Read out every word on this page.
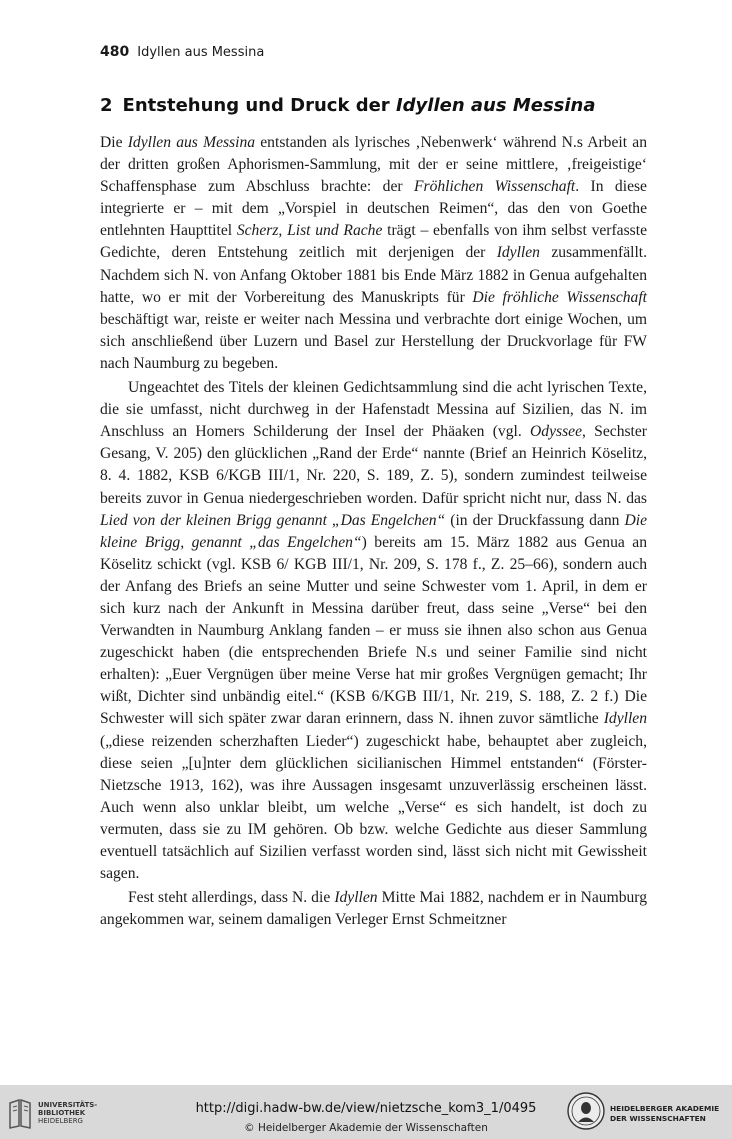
480 Idyllen aus Messina
2 Entstehung und Druck der Idyllen aus Messina

Die Idyllen aus Messina entstanden als lyrisches ‚Nebenwerk‘ während N.s Arbeit an der dritten großen Aphorismen-Sammlung, mit der er seine mittlere, ‚freigeistige‘ Schaffensphase zum Abschluss brachte: der Fröhlichen Wissenschaft. In diese integrierte er – mit dem „Vorspiel in deutschen Reimen“, das den von Goethe entlehnten Haupttitel Scherz, List und Rache trägt – ebenfalls von ihm selbst verfasste Gedichte, deren Entstehung zeitlich mit derjenigen der Idyllen zusammenfällt. Nachdem sich N. von Anfang Oktober 1881 bis Ende März 1882 in Genua aufgehalten hatte, wo er mit der Vorbereitung des Manuskripts für Die fröhliche Wissenschaft beschäftigt war, reiste er weiter nach Messina und verbrachte dort einige Wochen, um sich anschließend über Luzern und Basel zur Herstellung der Druckvorlage für FW nach Naumburg zu begeben.

Ungeachtet des Titels der kleinen Gedichtsammlung sind die acht lyrischen Texte, die sie umfasst, nicht durchweg in der Hafenstadt Messina auf Sizilien, das N. im Anschluss an Homers Schilderung der Insel der Phäaken (vgl. Odyssee, Sechster Gesang, V. 205) den glücklichen „Rand der Erde“ nannte (Brief an Heinrich Köselitz, 8. 4. 1882, KSB 6/KGB III/1, Nr. 220, S. 189, Z. 5), sondern zumindest teilweise bereits zuvor in Genua niedergeschrieben worden. Dafür spricht nicht nur, dass N. das Lied von der kleinen Brigg genannt „Das Engelchen“ (in der Druckfassung dann Die kleine Brigg, genannt „das Engelchen“) bereits am 15. März 1882 aus Genua an Köselitz schickt (vgl. KSB 6/ KGB III/1, Nr. 209, S. 178 f., Z. 25–66), sondern auch der Anfang des Briefs an seine Mutter und seine Schwester vom 1. April, in dem er sich kurz nach der Ankunft in Messina darüber freut, dass seine „Verse“ bei den Verwandten in Naumburg Anklang fanden – er muss sie ihnen also schon aus Genua zugeschickt haben (die entsprechenden Briefe N.s und seiner Familie sind nicht erhalten): „Euer Vergnügen über meine Verse hat mir großes Vergnügen gemacht; Ihr wißt, Dichter sind unbändig eitel.“ (KSB 6/KGB III/1, Nr. 219, S. 188, Z. 2 f.) Die Schwester will sich später zwar daran erinnern, dass N. ihnen zuvor sämtliche Idyllen („diese reizenden scherzhaften Lieder“) zugeschickt habe, behauptet aber zugleich, diese seien „[u]nter dem glücklichen sicilianischen Himmel entstanden“ (Förster-Nietzsche 1913, 162), was ihre Aussagen insgesamt unzuverlässig erscheinen lässt. Auch wenn also unklar bleibt, um welche „Verse“ es sich handelt, ist doch zu vermuten, dass sie zu IM gehören. Ob bzw. welche Gedichte aus dieser Sammlung eventuell tatsächlich auf Sizilien verfasst worden sind, lässt sich nicht mit Gewissheit sagen.

Fest steht allerdings, dass N. die Idyllen Mitte Mai 1882, nachdem er in Naumburg angekommen war, seinem damaligen Verleger Ernst Schmeitzner

UNIVERSITÄTS-
BIBLIOTHEK
HEIDELBERG
http://digi.hadw-bw.de/view/nietzsche_kom3_1/0495
© Heidelberger Akademie der Wissenschaften
HEIDELBERGER AKADEMIE
DER WISSENSCHAFTEN
